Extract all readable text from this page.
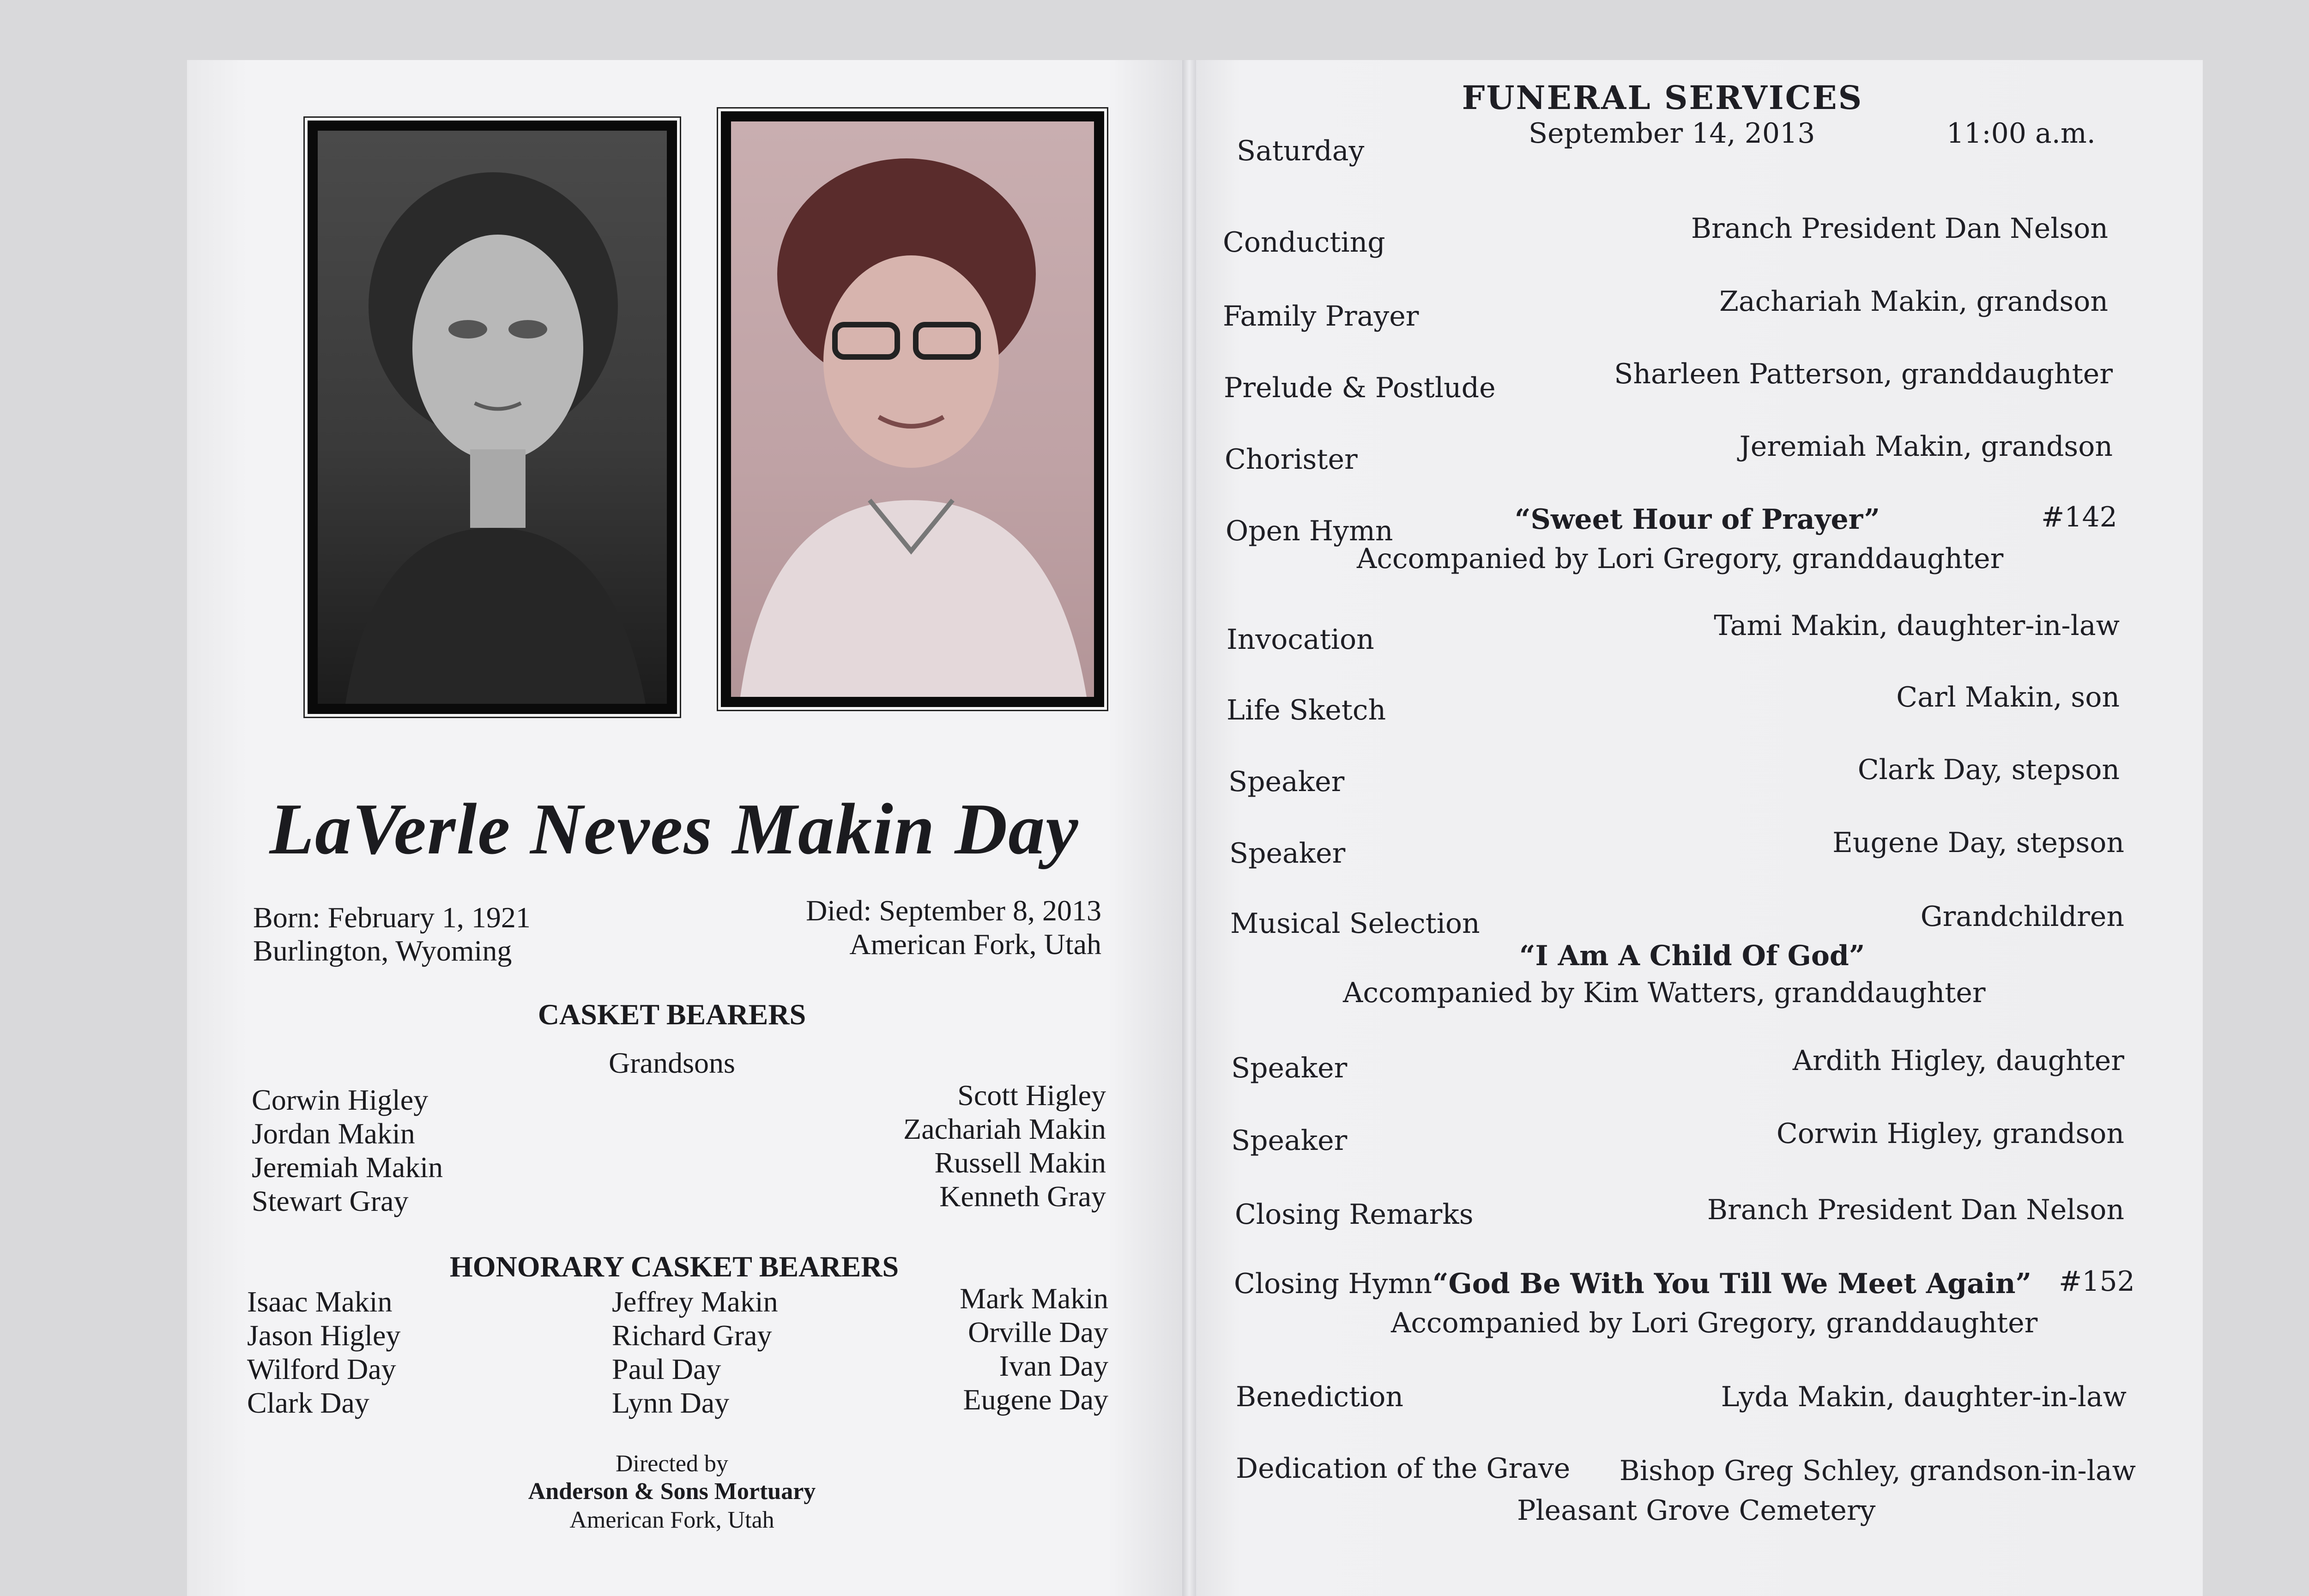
LaVerle Neves Makin Day
Born: February 1, 1921
Burlington, Wyoming
Died: September 8, 2013
American Fork, Utah
CASKET BEARERS
Grandsons
Corwin Higley
Jordan Makin
Jeremiah Makin
Stewart Gray
Scott Higley
Zachariah Makin
Russell Makin
Kenneth Gray
HONORARY CASKET BEARERS
Isaac Makin
Jason Higley
Wilford Day
Clark Day
Jeffrey Makin
Richard Gray
Paul Day
Lynn Day
Mark Makin
Orville Day
Ivan Day
Eugene Day
Directed by
Anderson & Sons Mortuary
American Fork, Utah
FUNERAL SERVICES
Saturday
September 14, 2013	11:00 a.m.
Conducting	Branch President Dan Nelson
Family Prayer	Zachariah Makin, grandson
Prelude & Postlude	Sharleen Patterson, granddaughter
Chorister	Jeremiah Makin, grandson
Open Hymn	“Sweet Hour of Prayer”	#142
Accompanied by Lori Gregory, granddaughter
Invocation	Tami Makin, daughter-in-law
Life Sketch	Carl Makin, son
Speaker	Clark Day, stepson
Speaker	Eugene Day, stepson
Musical Selection	Grandchildren
“I Am A Child Of God”
Accompanied by Kim Watters, granddaughter
Speaker	Ardith Higley, daughter
Speaker	Corwin Higley, grandson
Closing Remarks	Branch President Dan Nelson
Closing Hymn “God Be With You Till We Meet Again” #152
Accompanied by Lori Gregory, granddaughter
Benediction	Lyda Makin, daughter-in-law
Dedication of the Grave	Bishop Greg Schley, grandson-in-law
Pleasant Grove Cemetery
